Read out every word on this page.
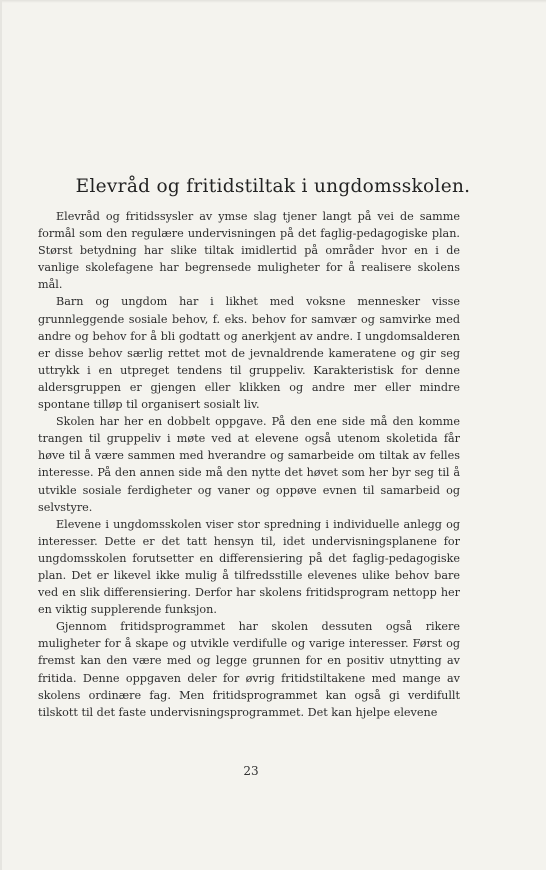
Elevråd og fritidstiltak i ungdomsskolen.

Elevråd og fritidssysler av ymse slag tjener langt på vei de samme formål som den regulære undervisningen på det faglig-pedagogiske plan. Størst betydning har slike tiltak imidlertid på områder hvor en i de vanlige skolefagene har begrensede muligheter for å realisere skolens mål.

Barn og ungdom har i likhet med voksne mennesker visse grunnleggende sosiale behov, f. eks. behov for samvær og samvirke med andre og behov for å bli godtatt og anerkjent av andre. I ungdomsalderen er disse behov særlig rettet mot de jevnaldrende kameratene og gir seg uttrykk i en utpreget tendens til gruppeliv. Karakteristisk for denne aldersgruppen er gjengen eller klikken og andre mer eller mindre spontane tilløp til organisert sosialt liv.

Skolen har her en dobbelt oppgave. På den ene side må den komme trangen til gruppeliv i møte ved at elevene også utenom skoletida får høve til å være sammen med hverandre og samarbeide om tiltak av felles interesse. På den annen side må den nytte det høvet som her byr seg til å utvikle sosiale ferdigheter og vaner og oppøve evnen til samarbeid og selvstyre.

Elevene i ungdomsskolen viser stor spredning i individuelle anlegg og interesser. Dette er det tatt hensyn til, idet undervisningsplanene for ungdomsskolen forutsetter en differensiering på det faglig-pedagogiske plan. Det er likevel ikke mulig å tilfredsstille elevenes ulike behov bare ved en slik differensiering. Derfor har skolens fritidsprogram nettopp her en viktig supplerende funksjon.

Gjennom fritidsprogrammet har skolen dessuten også rikere muligheter for å skape og utvikle verdifulle og varige interesser. Først og fremst kan den være med og legge grunnen for en positiv utnytting av fritida. Denne oppgaven deler for øvrig fritidstiltakene med mange av skolens ordinære fag. Men fritidsprogrammet kan også gi verdifullt tilskott til det faste undervisningsprogrammet. Det kan hjelpe elevene

23
